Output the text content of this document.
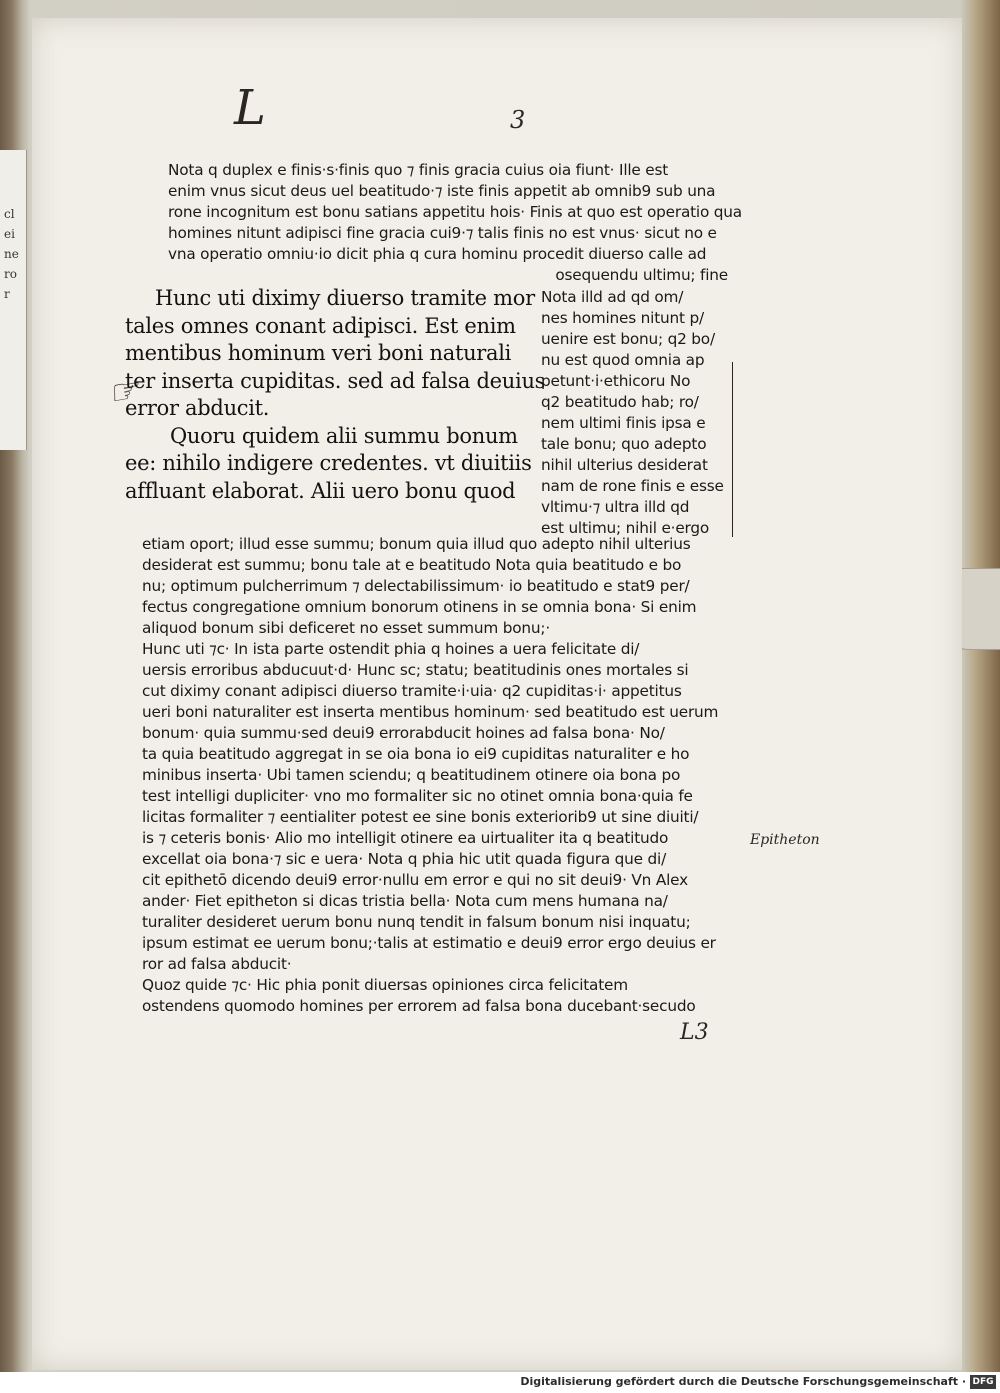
cl
ei
ne
ro
r
L	3
L3
Epitheton
☞
Nota q duplex e finis·s·finis quo ⁊ finis gracia cuius oia fiunt· Ille est
enim vnus sicut deus uel beatitudo·⁊ iste finis appetit ab omnib9 sub una
rone incognitum est bonu satians appetitu hois· Finis at quo est operatio qua
homines nitunt adipisci fine gracia cui9·⁊ talis finis no est vnus· sicut no e
vna operatio omniu·io dicit phia q cura hominu procedit diuerso calle ad
osequendu ultimu; fine
Hunc uti diximy diuerso tramite mor
tales omnes conant adipisci. Est enim
mentibus hominum veri boni naturali
ter inserta cupiditas. sed ad falsa deuius
error abducit.
Quoru quidem alii summu bonum
ee: nihilo indigere credentes. vt diuitiis
affluant elaborat. Alii uero bonu quod
Nota illd ad qd om/
nes homines nitunt p/
uenire est bonu; q2 bo/
nu est quod omnia ap
petunt·i·ethicoru No
q2 beatitudo hab; ro/
nem ultimi finis ipsa e
tale bonu; quo adepto
nihil ulterius desiderat
nam de rone finis e esse
vltimu·⁊ ultra illd qd
est ultimu; nihil e·ergo
etiam oport; illud esse summu; bonum quia illud quo adepto nihil ulterius
desiderat est summu; bonu tale at e beatitudo Nota quia beatitudo e bo
nu; optimum pulcherrimum ⁊ delectabilissimum· io beatitudo e stat9 per/
fectus congregatione omnium bonorum otinens in se omnia bona· Si enim
aliquod bonum sibi deficeret no esset summum bonu;·
Hunc uti ⁊c· In ista parte ostendit phia q hoines a uera felicitate di/
uersis erroribus abducuut·d· Hunc sc; statu; beatitudinis ones mortales si
cut diximy conant adipisci diuerso tramite·i·uia· q2 cupiditas·i· appetitus
ueri boni naturaliter est inserta mentibus hominum· sed beatitudo est uerum
bonum· quia summu·sed deui9 errorabducit hoines ad falsa bona· No/
ta quia beatitudo aggregat in se oia bona io ei9 cupiditas naturaliter e ho
minibus inserta· Ubi tamen sciendu; q beatitudinem otinere oia bona po
test intelligi dupliciter· vno mo formaliter sic no otinet omnia bona·quia fe
licitas formaliter ⁊ eentialiter potest ee sine bonis exteriorib9 ut sine diuiti/
is ⁊ ceteris bonis· Alio mo intelligit otinere ea uirtualiter ita q beatitudo
excellat oia bona·⁊ sic e uera· Nota q phia hic utit quada figura que di/
cit epithetō dicendo deui9 error·nullu em error e qui no sit deui9· Vn Alex
ander· Fiet epitheton si dicas tristia bella· Nota cum mens humana na/
turaliter desideret uerum bonu nunq tendit in falsum bonum nisi inquatu;
ipsum estimat ee uerum bonu;·talis at estimatio e deui9 error ergo deuius er
ror ad falsa abducit·
Quoz quide ⁊c· Hic phia ponit diuersas opiniones circa felicitatem
ostendens quomodo homines per errorem ad falsa bona ducebant·secudo
Digitalisierung gefördert durch die Deutsche Forschungsgemeinschaft · DFG
